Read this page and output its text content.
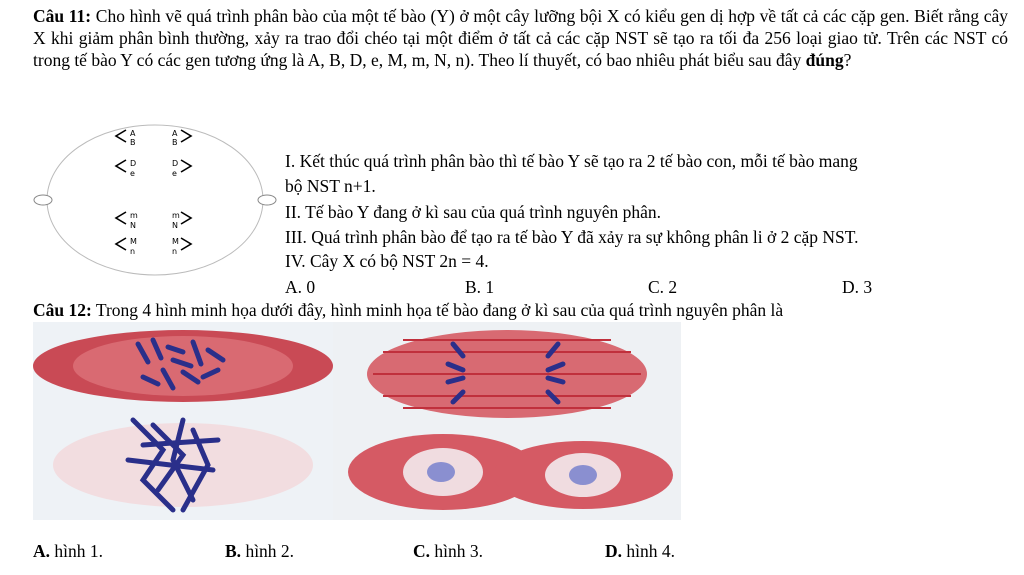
Câu 11: Cho hình vẽ quá trình phân bào của một tế bào (Y) ở một cây lưỡng bội X có kiểu gen dị hợp về tất cả các cặp gen. Biết rằng cây X khi giảm phân bình thường, xảy ra trao đổi chéo tại một điểm ở tất cả các cặp NST sẽ tạo ra tối đa 256 loại giao tử. Trên các NST có trong tế bào Y có các gen tương ứng là A, B, D, e, M, m, N, n). Theo lí thuyết, có bao nhiêu phát biểu sau đây đúng?
A
B
A
B
D
e
D
e
m
N
m
N
M
n
M
n
I. Kết thúc quá trình phân bào thì tế bào Y sẽ tạo ra 2 tế bào con, mỗi tế bào mang
bộ NST n+1.
II. Tế bào Y đang ở kì sau của quá trình nguyên phân.
III. Quá trình phân bào để tạo ra tế bào Y đã xảy ra sự không phân li ở 2 cặp NST.
IV. Cây X có bộ NST 2n = 4.
A. 0	B. 1	C. 2	D. 3
Câu 12: Trong 4 hình minh họa dưới đây, hình minh họa tế bào đang ở kì sau của quá trình nguyên phân là
A. hình 1.	B. hình 2.	C. hình 3.	D. hình 4.
